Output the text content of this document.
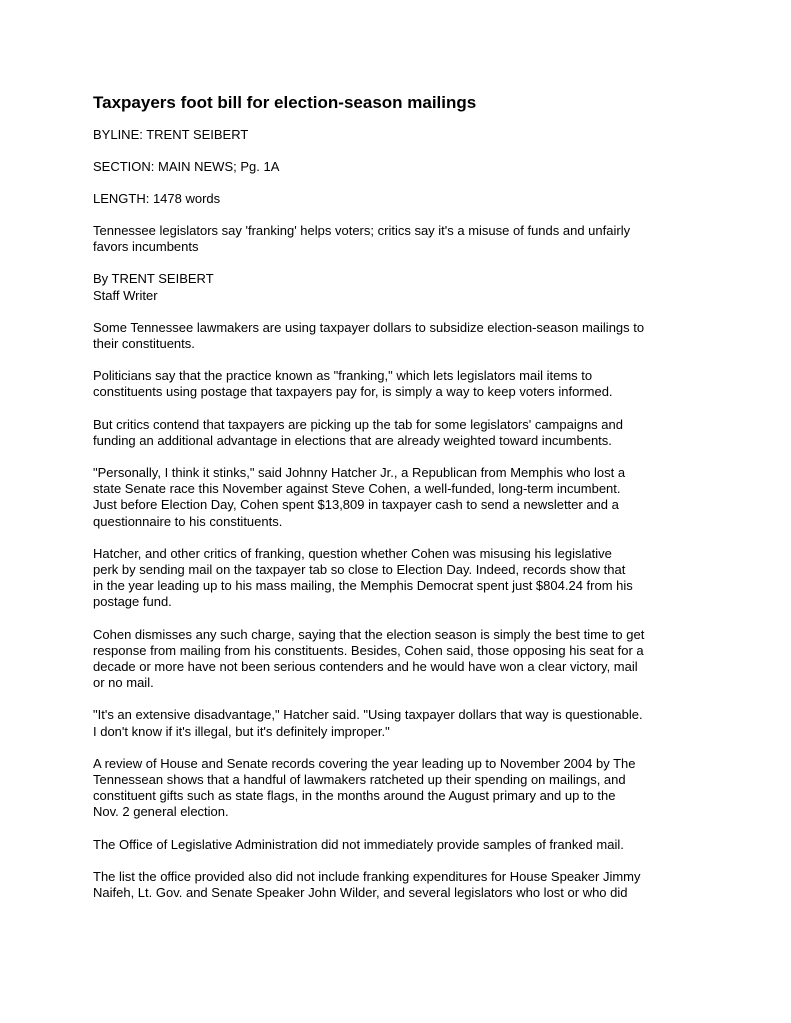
Taxpayers foot bill for election-season mailings
BYLINE: TRENT SEIBERT
SECTION: MAIN NEWS; Pg. 1A
LENGTH: 1478 words
Tennessee legislators say 'franking' helps voters; critics say it's a misuse of funds and unfairly
favors incumbents
By TRENT SEIBERT
Staff Writer
Some Tennessee lawmakers are using taxpayer dollars to subsidize election-season mailings to
their constituents.
Politicians say that the practice known as "franking," which lets legislators mail items to
constituents using postage that taxpayers pay for, is simply a way to keep voters informed.
But critics contend that taxpayers are picking up the tab for some legislators' campaigns and
funding an additional advantage in elections that are already weighted toward incumbents.
"Personally, I think it stinks," said Johnny Hatcher Jr., a Republican from Memphis who lost a
state Senate race this November against Steve Cohen, a well-funded, long-term incumbent.
Just before Election Day, Cohen spent $13,809 in taxpayer cash to send a newsletter and a
questionnaire to his constituents.
Hatcher, and other critics of franking, question whether Cohen was misusing his legislative
perk by sending mail on the taxpayer tab so close to Election Day. Indeed, records show that
in the year leading up to his mass mailing, the Memphis Democrat spent just $804.24 from his
postage fund.
Cohen dismisses any such charge, saying that the election season is simply the best time to get
response from mailing from his constituents. Besides, Cohen said, those opposing his seat for a
decade or more have not been serious contenders and he would have won a clear victory, mail
or no mail.
"It's an extensive disadvantage," Hatcher said. "Using taxpayer dollars that way is questionable.
I don't know if it's illegal, but it's definitely improper."
A review of House and Senate records covering the year leading up to November 2004 by The
Tennessean shows that a handful of lawmakers ratcheted up their spending on mailings, and
constituent gifts such as state flags, in the months around the August primary and up to the
Nov. 2 general election.
The Office of Legislative Administration did not immediately provide samples of franked mail.
The list the office provided also did not include franking expenditures for House Speaker Jimmy
Naifeh, Lt. Gov. and Senate Speaker John Wilder, and several legislators who lost or who did
